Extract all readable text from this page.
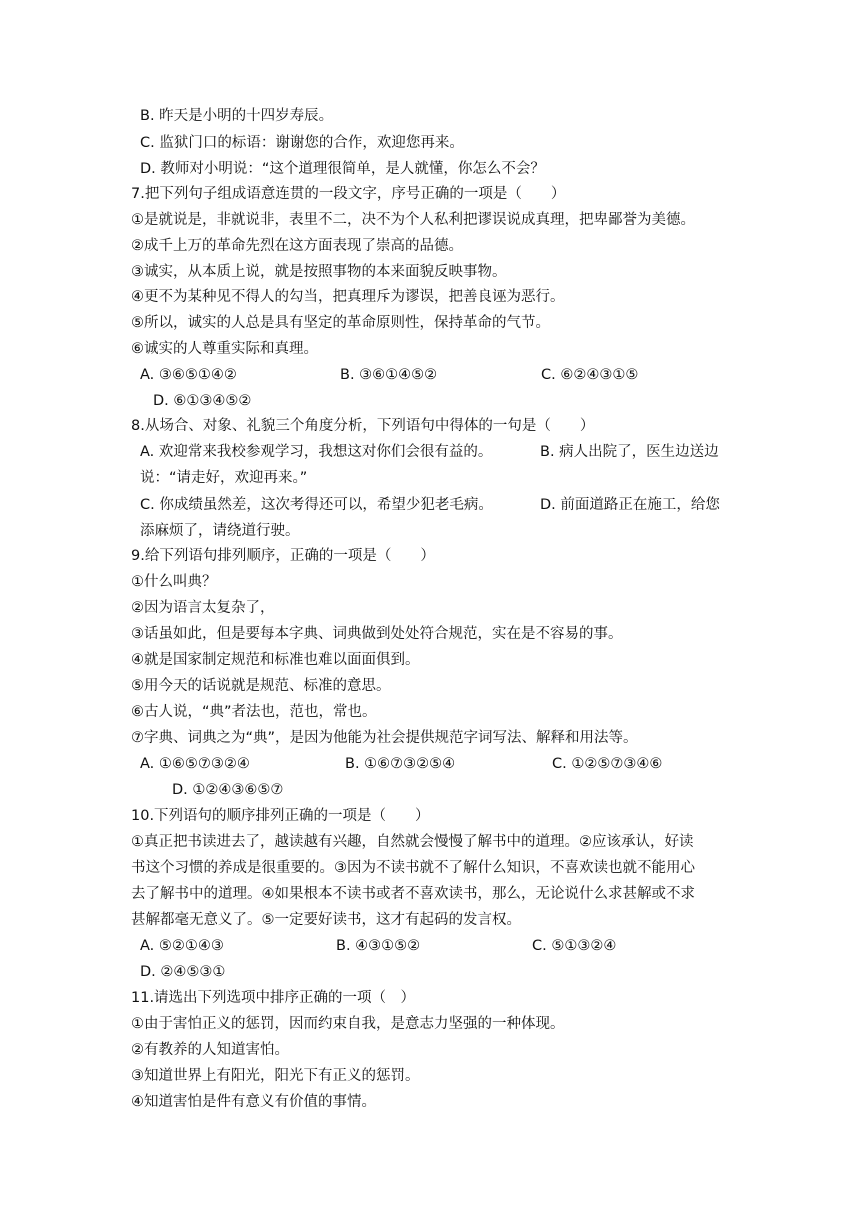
B. 昨天是小明的十四岁寿辰。
C. 监狱门口的标语：谢谢您的合作，欢迎您再来。
D. 教师对小明说：“这个道理很简单，是人就懂，你怎么不会？
7.把下列句子组成语意连贯的一段文字，序号正确的一项是（　　）
①是就说是，非就说非，表里不二，决不为个人私利把谬误说成真理，把卑鄙誉为美德。
②成千上万的革命先烈在这方面表现了崇高的品德。
③诚实，从本质上说，就是按照事物的本来面貌反映事物。
④更不为某种见不得人的勾当，把真理斥为谬误，把善良诬为恶行。
⑤所以，诚实的人总是具有坚定的革命原则性，保持革命的气节。
⑥诚实的人尊重实际和真理。
A. ③⑥⑤①④②	B. ③⑥①④⑤②	C. ⑥②④③①⑤
D. ⑥①③④⑤②
8.从场合、对象、礼貌三个角度分析，下列语句中得体的一句是（　　）
A. 欢迎常来我校参观学习，我想这对你们会很有益的。	B. 病人出院了，医生边送边
说：“请走好，欢迎再来。”
C. 你成绩虽然差，这次考得还可以，希望少犯老毛病。	D. 前面道路正在施工，给您
添麻烦了，请绕道行驶。
9.给下列语句排列顺序，正确的一项是（　　）
①什么叫典？
②因为语言太复杂了，
③话虽如此，但是要每本字典、词典做到处处符合规范，实在是不容易的事。
④就是国家制定规范和标准也难以面面俱到。
⑤用今天的话说就是规范、标准的意思。
⑥古人说，“典”者法也，范也，常也。
⑦字典、词典之为“典”，是因为他能为社会提供规范字词写法、解释和用法等。
A. ①⑥⑤⑦③②④	B. ①⑥⑦③②⑤④	C. ①②⑤⑦③④⑥
D. ①②④③⑥⑤⑦
10.下列语句的顺序排列正确的一项是（　　）
①真正把书读进去了，越读越有兴趣，自然就会慢慢了解书中的道理。②应该承认，好读
书这个习惯的养成是很重要的。③因为不读书就不了解什么知识，不喜欢读也就不能用心
去了解书中的道理。④如果根本不读书或者不喜欢读书，那么，无论说什么求甚解或不求
甚解都毫无意义了。⑤一定要好读书，这才有起码的发言权。
A. ⑤②①④③	B. ④③①⑤②	C. ⑤①③②④
D. ②④⑤③①
11.请选出下列选项中排序正确的一项（　）
①由于害怕正义的惩罚，因而约束自我，是意志力坚强的一种体现。
②有教养的人知道害怕。
③知道世界上有阳光，阳光下有正义的惩罚。
④知道害怕是件有意义有价值的事情。
